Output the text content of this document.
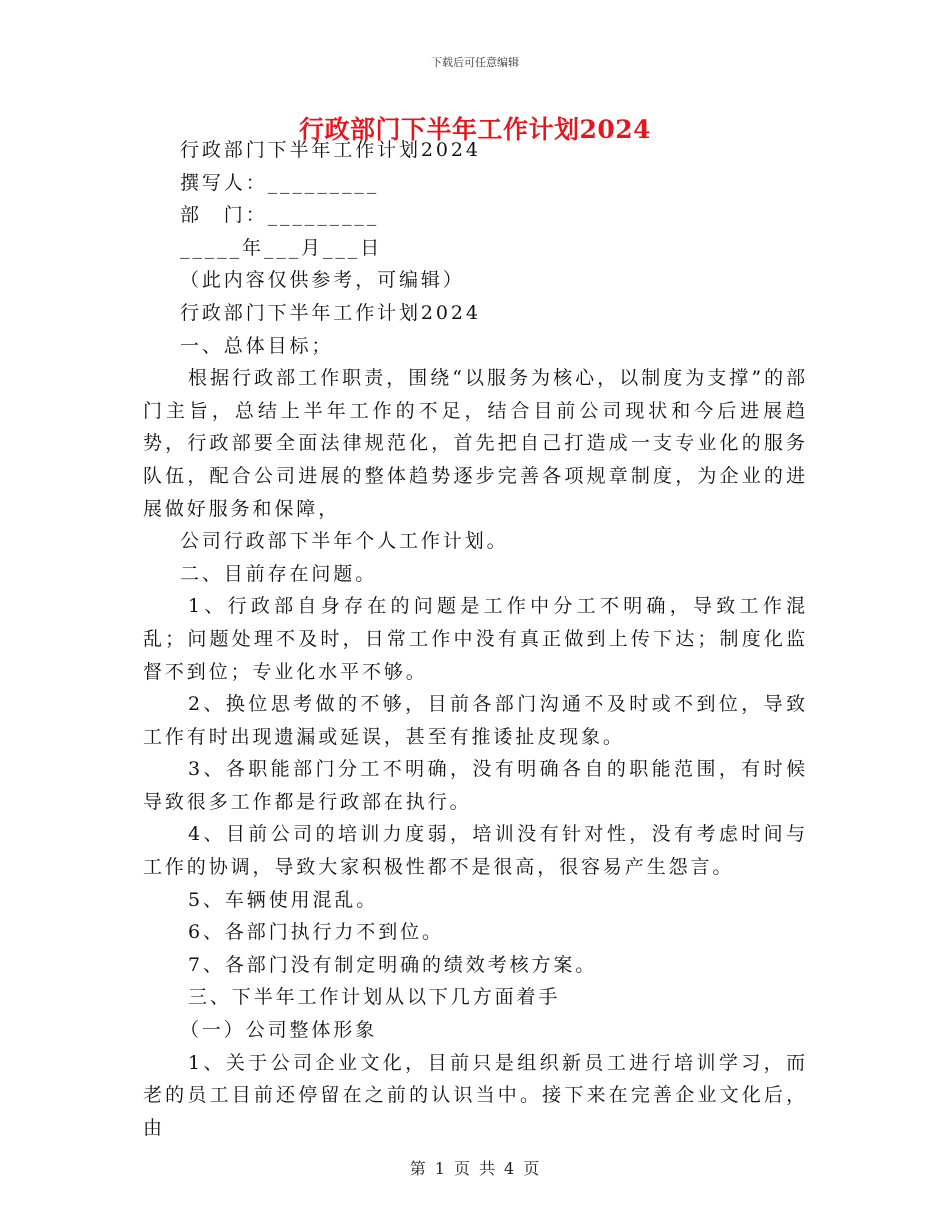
下载后可任意编辑
行政部门下半年工作计划2024
行政部门下半年工作计划2024
撰写人：_________
部　门：_________
_____年___月___日
（此内容仅供参考，可编辑）
行政部门下半年工作计划2024
一、总体目标；
根据行政部工作职责，围绕“以服务为核心，以制度为支撑”的部门主旨，总结上半年工作的不足，结合目前公司现状和今后进展趋势，行政部要全面法律规范化，首先把自己打造成一支专业化的服务队伍，配合公司进展的整体趋势逐步完善各项规章制度，为企业的进展做好服务和保障，
公司行政部下半年个人工作计划。
二、目前存在问题。
1、行政部自身存在的问题是工作中分工不明确，导致工作混乱；问题处理不及时，日常工作中没有真正做到上传下达；制度化监督不到位；专业化水平不够。
2、换位思考做的不够，目前各部门沟通不及时或不到位，导致工作有时出现遗漏或延误，甚至有推诿扯皮现象。
3、各职能部门分工不明确，没有明确各自的职能范围，有时候导致很多工作都是行政部在执行。
4、目前公司的培训力度弱，培训没有针对性，没有考虑时间与工作的协调，导致大家积极性都不是很高，很容易产生怨言。
5、车辆使用混乱。
6、各部门执行力不到位。
7、各部门没有制定明确的绩效考核方案。
三、下半年工作计划从以下几方面着手
（一）公司整体形象
1、关于公司企业文化，目前只是组织新员工进行培训学习，而老的员工目前还停留在之前的认识当中。接下来在完善企业文化后，由
第 1 页 共 4 页
